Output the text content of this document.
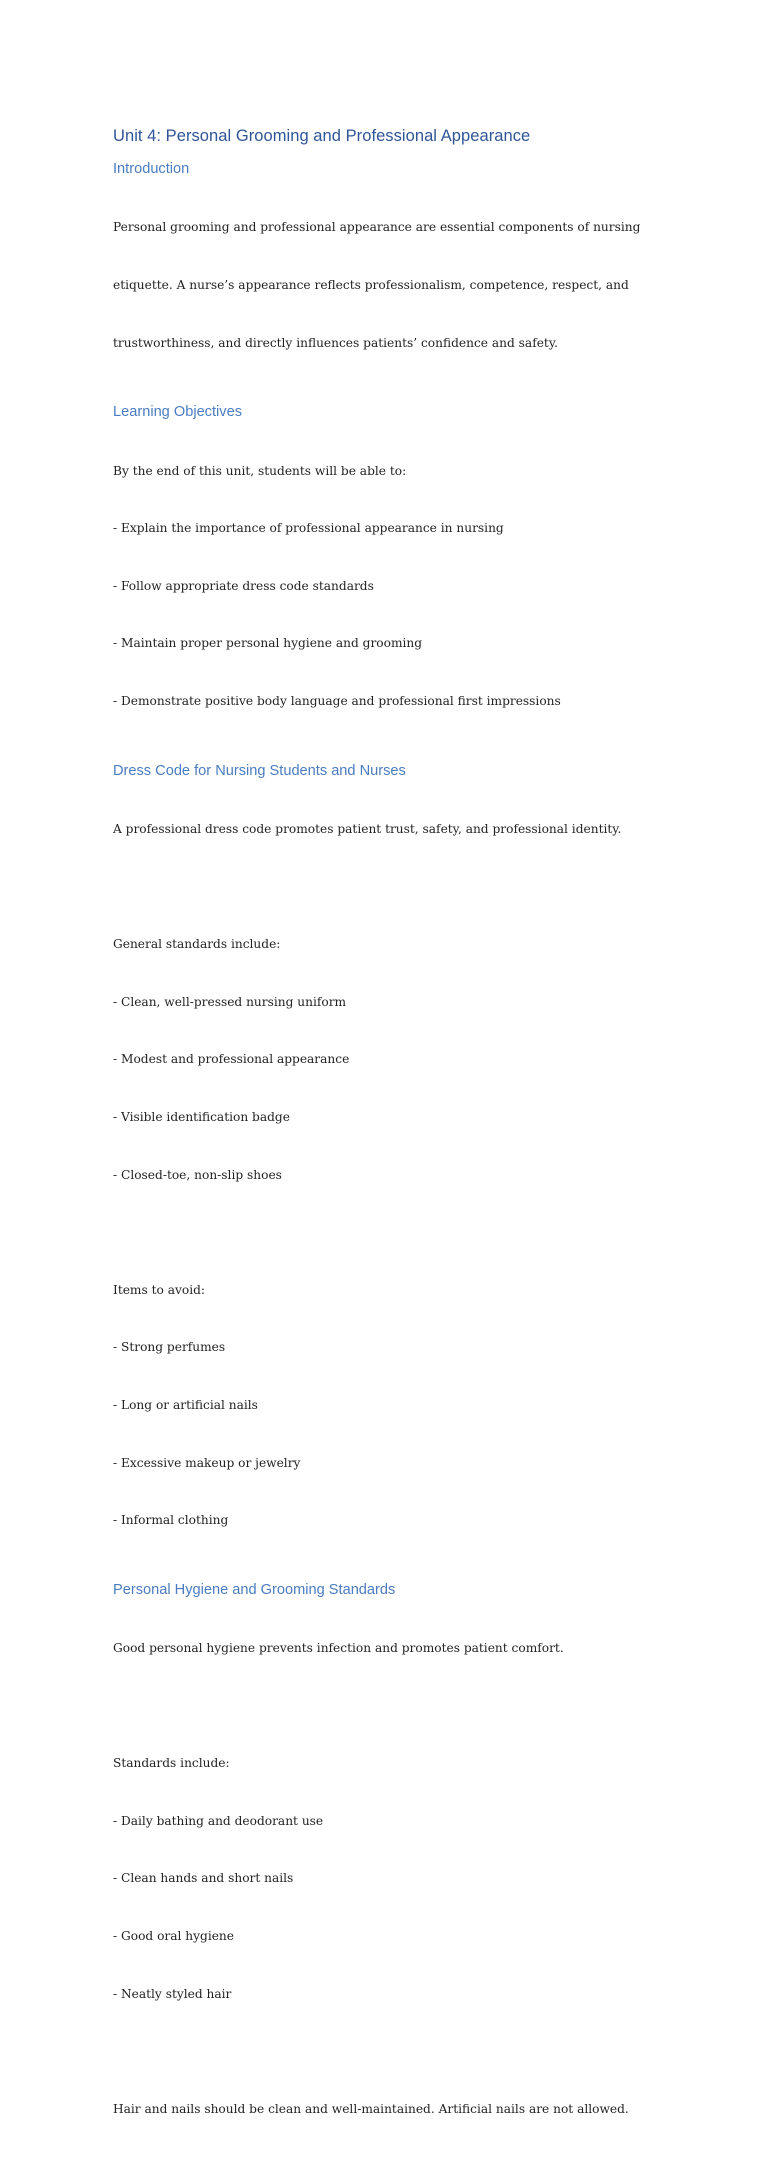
Unit 4: Personal Grooming and Professional Appearance
Introduction

Personal grooming and professional appearance are essential components of nursing

etiquette. A nurse’s appearance reflects professionalism, competence, respect, and

trustworthiness, and directly influences patients’ confidence and safety.

Learning Objectives

By the end of this unit, students will be able to:

- Explain the importance of professional appearance in nursing

- Follow appropriate dress code standards

- Maintain proper personal hygiene and grooming

- Demonstrate positive body language and professional first impressions

Dress Code for Nursing Students and Nurses

A professional dress code promotes patient trust, safety, and professional identity.

General standards include:

- Clean, well-pressed nursing uniform

- Modest and professional appearance

- Visible identification badge

- Closed-toe, non-slip shoes

Items to avoid:

- Strong perfumes

- Long or artificial nails

- Excessive makeup or jewelry

- Informal clothing

Personal Hygiene and Grooming Standards

Good personal hygiene prevents infection and promotes patient comfort.

Standards include:

- Daily bathing and deodorant use

- Clean hands and short nails

- Good oral hygiene

- Neatly styled hair

Hair and nails should be clean and well-maintained. Artificial nails are not allowed.
